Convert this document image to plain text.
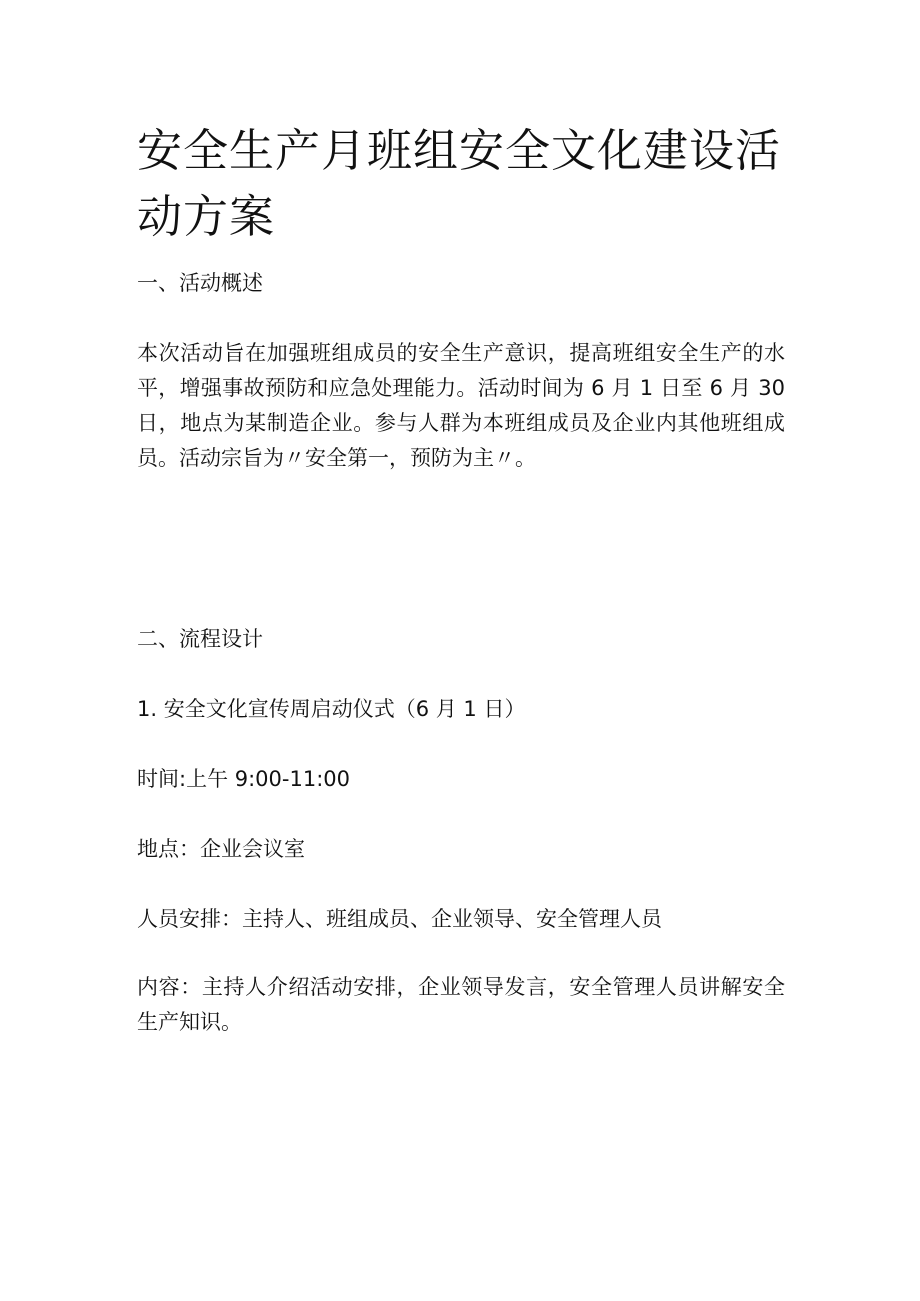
安全生产月班组安全文化建设活动方案
一、活动概述

本次活动旨在加强班组成员的安全生产意识，提高班组安全生产的水平，增强事故预防和应急处理能力。活动时间为 6 月 1 日至 6 月 30 日，地点为某制造企业。参与人群为本班组成员及企业内其他班组成员。活动宗旨为〃安全第一，预防为主〃。

二、流程设计

1. 安全文化宣传周启动仪式（6 月 1 日）

时间:上午 9:00-11:00

地点：企业会议室

人员安排：主持人、班组成员、企业领导、安全管理人员

内容：主持人介绍活动安排，企业领导发言，安全管理人员讲解安全生产知识。
